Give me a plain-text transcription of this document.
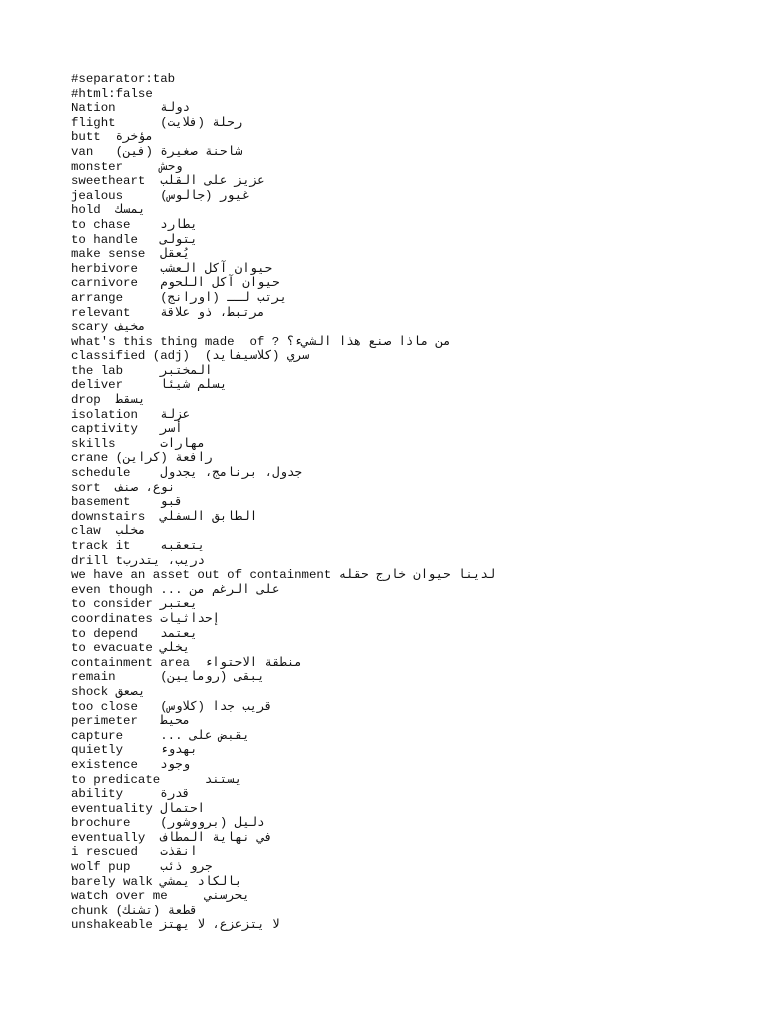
#separator:tab
#html:false
Nation      دولة
flight      رحلة (فلايت)
butt  مؤخرة
van   (فين) شاحنة صغيرة
monster     وحش
sweetheart  عزيز على القلب
jealous     غيور (جالوس)
hold  يمسك
to chase    يطارد
to handle   يتولى
make sense  يُعقل
herbivore   حيوان آكل العشب
carnivore   حيوان آكل اللحوم
arrange     يرتب لــ (اورانج)
relevant    مرتبط، ذو علاقة
scary مخيف
what's this thing made  of ? من ماذا صنع هذا الشيء؟
classified (adj)  سري (كلاسيفايد)
the lab     المختبر
deliver     يسلم شيئا
drop  يسقط
isolation   عزلة
captivity   أسر
skills      مهارات
crane (كراين) رافعة
schedule    جدول، برنامج، يجدول
sort  نوع، صنف
basement    قبو
downstairs  الطابق السفلي
claw  مخلب
track it    يتعقبه
drill tدريب، يتدرب
we have an asset out of containment لدينا حيوان خارج حقله
even though ... على الرغم من
to consider يعتبر
coordinates إحداثيات
to depend   يعتمد
to evacuate يخلي
containment area  منطقة الاحتواء
remain      يبقى (رومايين)
shock يصعق
too close   قريب جدا (كلاوس)
perimeter   محيط
capture     ... يقبض على
quietly     بهدوء
existence   وجود
to predicate      يستند
ability     قدرة
eventuality احتمال
brochure    دليل (برووشور)
eventually  في نهاية المطاف
i rescued   انقذت
wolf pup    جرو ذئب
barely walk بالكاد يمشي
watch over me     يحرسني
chunk (تشنك) قطعة
unshakeable لا يتزعزع، لا يهتز
